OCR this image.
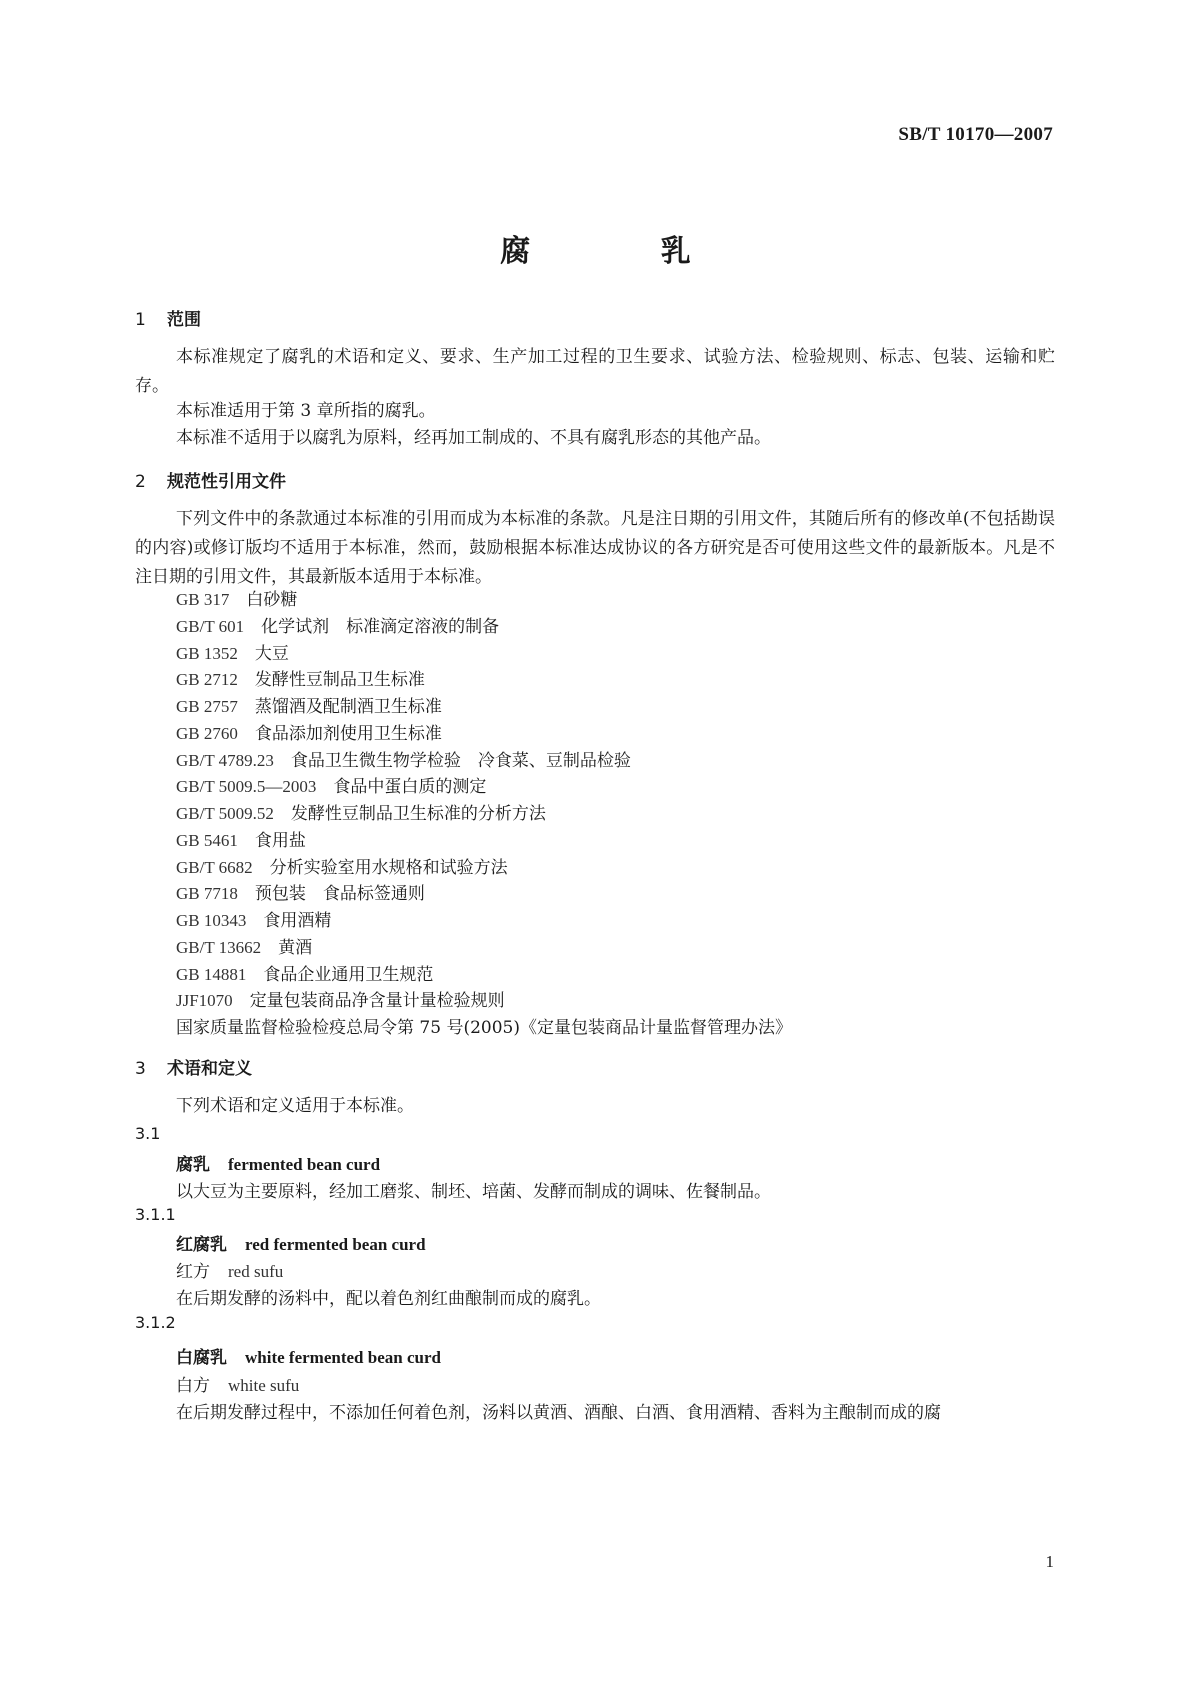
SB/T 10170—2007
腐 乳
1 范围
本标准规定了腐乳的术语和定义、要求、生产加工过程的卫生要求、试验方法、检验规则、标志、包装、运输和贮存。
本标准适用于第 3 章所指的腐乳。
本标准不适用于以腐乳为原料，经再加工制成的、不具有腐乳形态的其他产品。
2 规范性引用文件
下列文件中的条款通过本标准的引用而成为本标准的条款。凡是注日期的引用文件，其随后所有的修改单(不包括勘误的内容)或修订版均不适用于本标准，然而，鼓励根据本标准达成协议的各方研究是否可使用这些文件的最新版本。凡是不注日期的引用文件，其最新版本适用于本标准。
GB 317　 白砂糖
GB/T 601　 化学试剂　标准滴定溶液的制备
GB 1352　 大豆
GB 2712　 发酵性豆制品卫生标准
GB 2757　 蒸馏酒及配制酒卫生标准
GB 2760　 食品添加剂使用卫生标准
GB/T 4789.23　 食品卫生微生物学检验　冷食菜、豆制品检验
GB/T 5009.5—2003　 食品中蛋白质的测定
GB/T 5009.52　 发酵性豆制品卫生标准的分析方法
GB 5461　 食用盐
GB/T 6682　 分析实验室用水规格和试验方法
GB 7718　 预包装　食品标签通则
GB 10343　 食用酒精
GB/T 13662　 黄酒
GB 14881　 食品企业通用卫生规范
JJF1070　 定量包装商品净含量计量检验规则
国家质量监督检验检疫总局令第 75 号(2005)《定量包装商品计量监督管理办法》
3 术语和定义
下列术语和定义适用于本标准。
3.1
腐乳 fermented bean curd
以大豆为主要原料，经加工磨浆、制坯、培菌、发酵而制成的调味、佐餐制品。
3.1.1
红腐乳 red fermented bean curd
红方 red sufu
在后期发酵的汤料中，配以着色剂红曲酿制而成的腐乳。
3.1.2
白腐乳 white fermented bean curd
白方 white sufu
在后期发酵过程中，不添加任何着色剂，汤料以黄酒、酒酿、白酒、食用酒精、香料为主酿制而成的腐
1
